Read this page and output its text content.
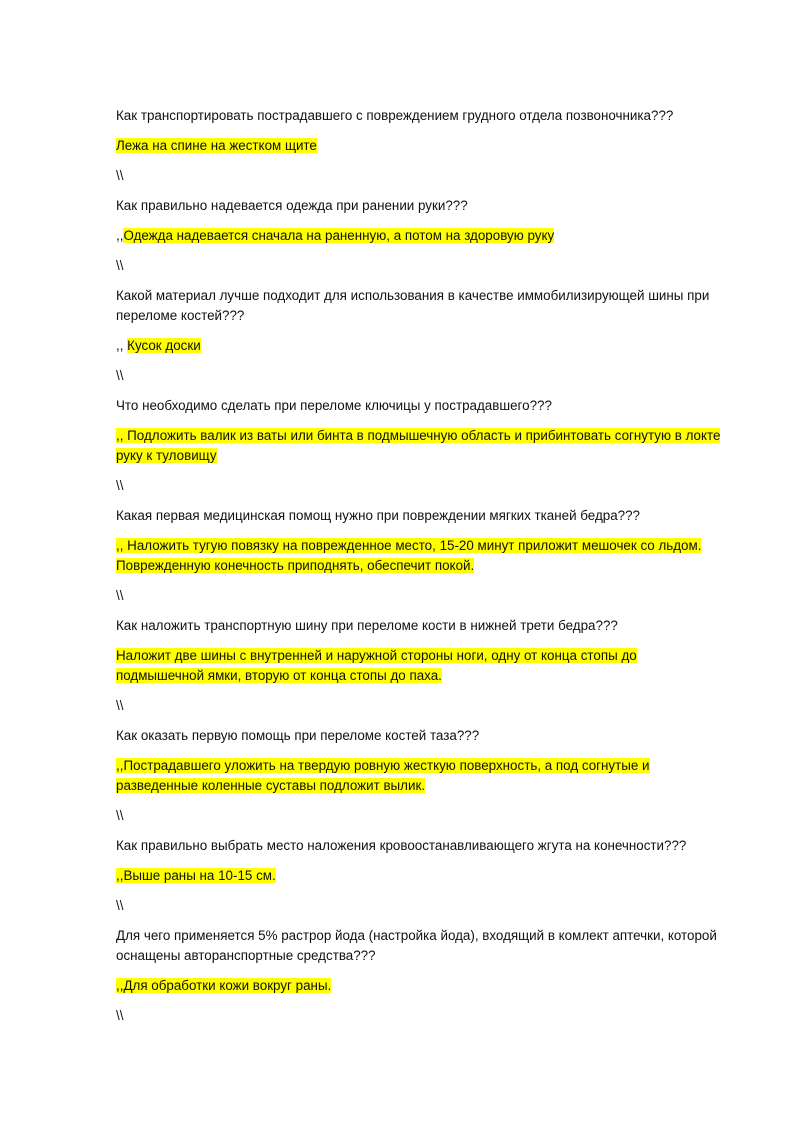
Как транспортировать пострадавшего с повреждением грудного отдела позвоночника???

Лежа на спине на жестком щите

\\

Как правильно надевается одежда при ранении руки???

,,Одежда надевается сначала на раненную, а потом на здоровую руку

\\

Какой материал лучше подходит для использования в качестве иммобилизирующей шины при переломе костей???

,, Кусок доски

\\

Что необходимо сделать при переломе ключицы у пострадавшего???

,, Подложить валик из ваты или бинта в подмышечную область и прибинтовать согнутую в локте руку к туловищу

\\

Какая первая медицинская помощ нужно при повреждении мягких тканей бедра???

,, Наложить тугую повязку на поврежденное место, 15-20 минут приложит мешочек со льдом. Поврежденную конечность приподнять, обеспечит покой.

\\

Как наложить транспортную шину при переломе кости в нижней трети бедра???

Наложит две шины с внутренней и наружной стороны ноги, одну от конца стопы до подмышечной ямки, вторую от конца стопы до паха.

\\

Как оказать первую помощь при переломе костей таза???

,,Пострадавшего уложить на твердую ровную жесткую поверхность, а под согнутые и разведенные коленные суставы подложит вылик.

\\

Как правильно выбрать место наложения кровоостанавливающего жгута на конечности???

,,Выше раны на 10-15 см.

\\

Для чего применяется 5% растрор йода (настройка йода), входящий в комлект аптечки, которой оснащены авторанспортные средства???

,,Для обработки кожи вокруг раны.

\\
